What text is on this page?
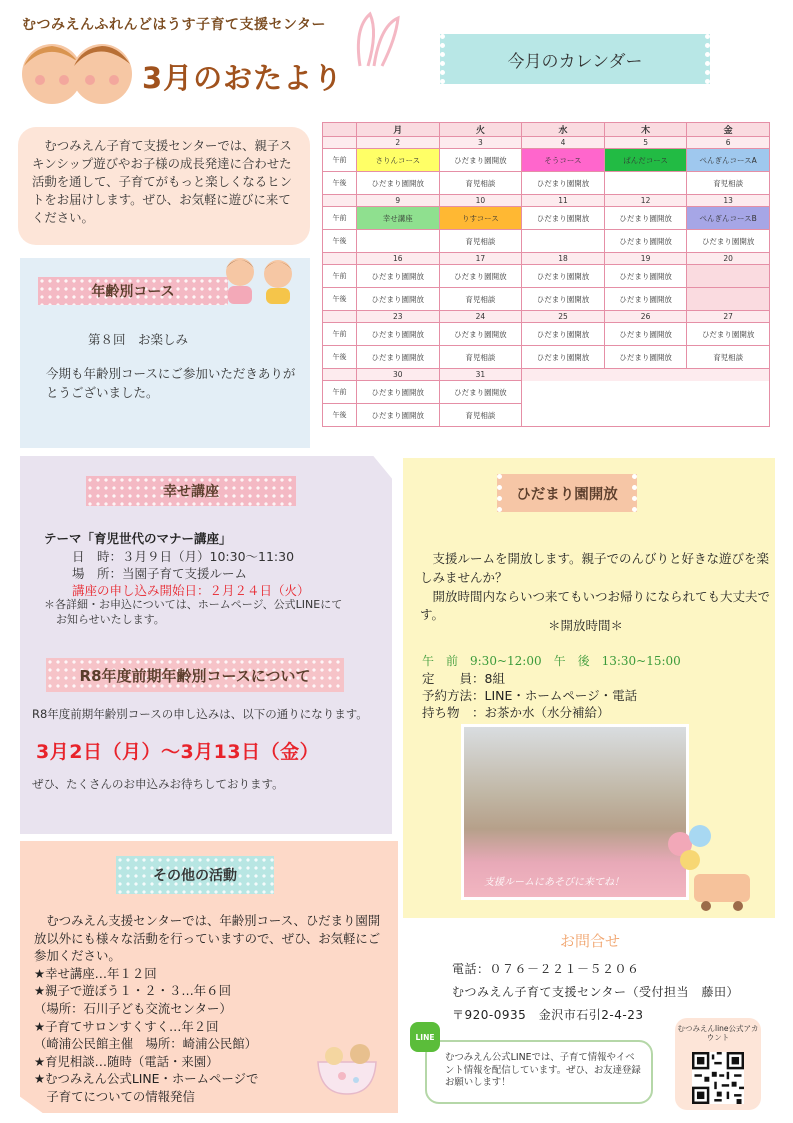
むつみえんふれんどはうす子育て支援センター
3月のおたより	今月のカレンダー
むつみえん子育て支援センターでは、親子スキンシップ遊びやお子様の成長発達に合わせた活動を通して、子育てがもっと楽しくなるヒントをお届けします。ぜひ、お気軽に遊びに来てください。
年齢別コース
第８回　お楽しみ
今期も年齢別コースにご参加いただきありがとうございました。
	月	火	水	木	金
	2	3	4	5	6
午前	さりんコース	ひだまり園開放	そうコース	ぱんだコース	ぺんぎんコースA
午後	ひだまり園開放	育児相談	ひだまり園開放		育児相談
	9	10	11	12	13
午前	幸せ講座	りすコース	ひだまり園開放	ひだまり園開放	ぺんぎんコースB
午後		育児相談		ひだまり園開放	ひだまり園開放
	16	17	18	19	20
午前	ひだまり園開放	ひだまり園開放	ひだまり園開放	ひだまり園開放	
午後	ひだまり園開放	育児相談	ひだまり園開放	ひだまり園開放	
	23	24	25	26	27
午前	ひだまり園開放	ひだまり園開放	ひだまり園開放	ひだまり園開放	ひだまり園開放
午後	ひだまり園開放	育児相談	ひだまり園開放	ひだまり園開放	育児相談
	30	31			
午前	ひだまり園開放	ひだまり園開放			
午後	ひだまり園開放	育児相談			
幸せ講座
テーマ「育児世代のマナー講座」
日　時：３月９日（月）10:30～11:30
場　所：当園子育て支援ルーム
講座の申し込み開始日：２月２４日（火）
＊各詳細・お申込については、ホームページ、公式LINEにて
お知らせいたします。
R8年度前期年齢別コースについて
R8年度前期年齢別コースの申し込みは、以下の通りになります。
3月2日（月）～3月13日（金）
ぜひ、たくさんのお申込みお待ちしております。
その他の活動
むつみえん支援センターでは、年齢別コース、ひだまり園開放以外にも様々な活動を行っていますので、ぜひ、お気軽にご参加ください。
★幸せ講座…年１２回
★親子で遊ぼう１・２・３…年６回
（場所：石川子ども交流センター）
★子育てサロンすくすく…年２回
（崎浦公民館主催　場所：崎浦公民館）
★育児相談…随時（電話・来園）
★むつみえん公式LINE・ホームページで
　子育てについての情報発信
ひだまり園開放
支援ルームを開放します。親子でのんびりと好きな遊びを楽しみませんか？
開放時間内ならいつ来てもいつお帰りになられても大丈夫です。
＊開放時間＊
午　前　9:30~12:00　午　後　13:30~15:00
定　　員：8組
予約方法：LINE・ホームページ・電話
持ち物　：お茶か水（水分補給）
支援ルームにあそびに来てね！
お問合せ
電話：０７６－２２１－５２０６
むつみえん子育て支援センター（受付担当　藤田）
〒920-0935　金沢市石引2-4-23
むつみえん公式LINEでは、子育て情報やイベント情報を配信しています。ぜひ、お友達登録お願いします！
LINE
むつみえんline公式アカウント
